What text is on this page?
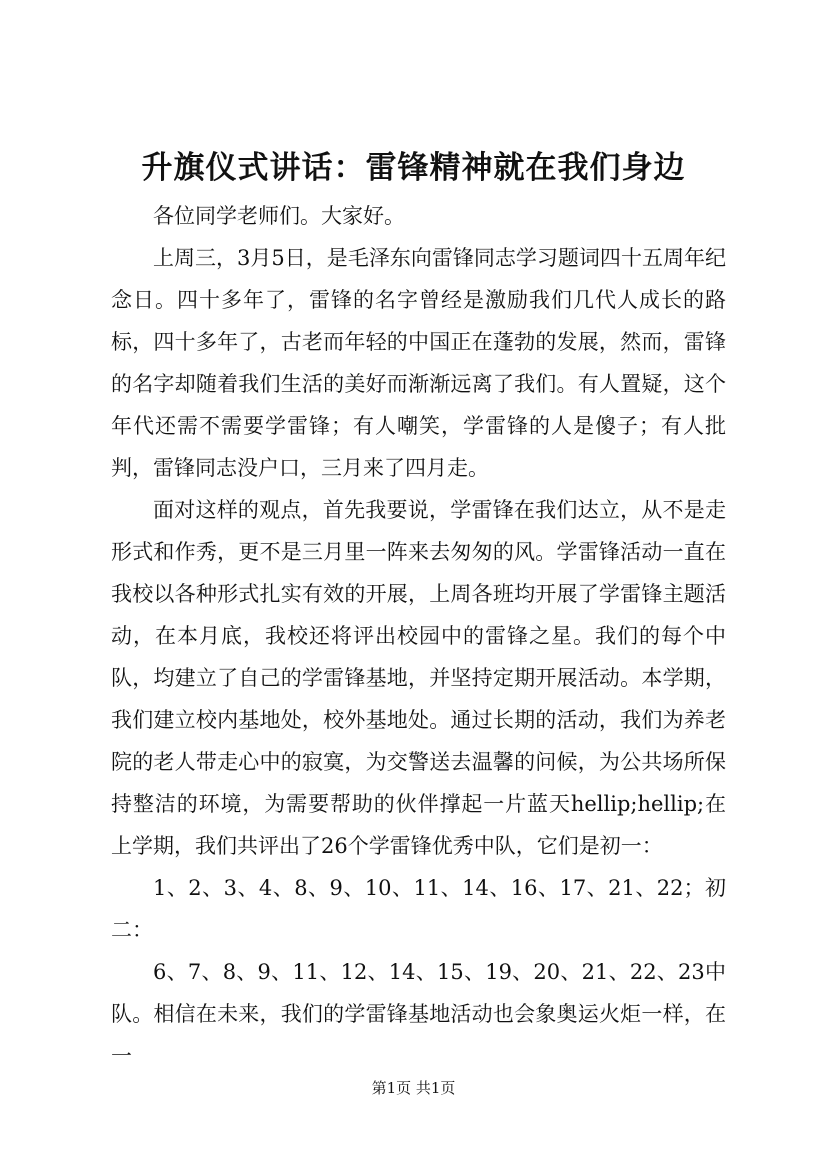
升旗仪式讲话：雷锋精神就在我们身边

各位同学老师们。大家好。

上周三，3月5日，是毛泽东向雷锋同志学习题词四十五周年纪念日。四十多年了，雷锋的名字曾经是激励我们几代人成长的路标，四十多年了，古老而年轻的中国正在蓬勃的发展，然而，雷锋的名字却随着我们生活的美好而渐渐远离了我们。有人置疑，这个年代还需不需要学雷锋；有人嘲笑，学雷锋的人是傻子；有人批判，雷锋同志没户口，三月来了四月走。

面对这样的观点，首先我要说，学雷锋在我们达立，从不是走形式和作秀，更不是三月里一阵来去匆匆的风。学雷锋活动一直在我校以各种形式扎实有效的开展，上周各班均开展了学雷锋主题活动，在本月底，我校还将评出校园中的雷锋之星。我们的每个中队，均建立了自己的学雷锋基地，并坚持定期开展活动。本学期，我们建立校内基地处，校外基地处。通过长期的活动，我们为养老院的老人带走心中的寂寞，为交警送去温馨的问候，为公共场所保持整洁的环境，为需要帮助的伙伴撑起一片蓝天hellip;hellip;在上学期，我们共评出了26个学雷锋优秀中队，它们是初一：

1、2、3、4、8、9、10、11、14、16、17、21、22；初二：

6、7、8、9、11、12、14、15、19、20、21、22、23中队。相信在未来，我们的学雷锋基地活动也会象奥运火炬一样，在一

第1页 共1页
